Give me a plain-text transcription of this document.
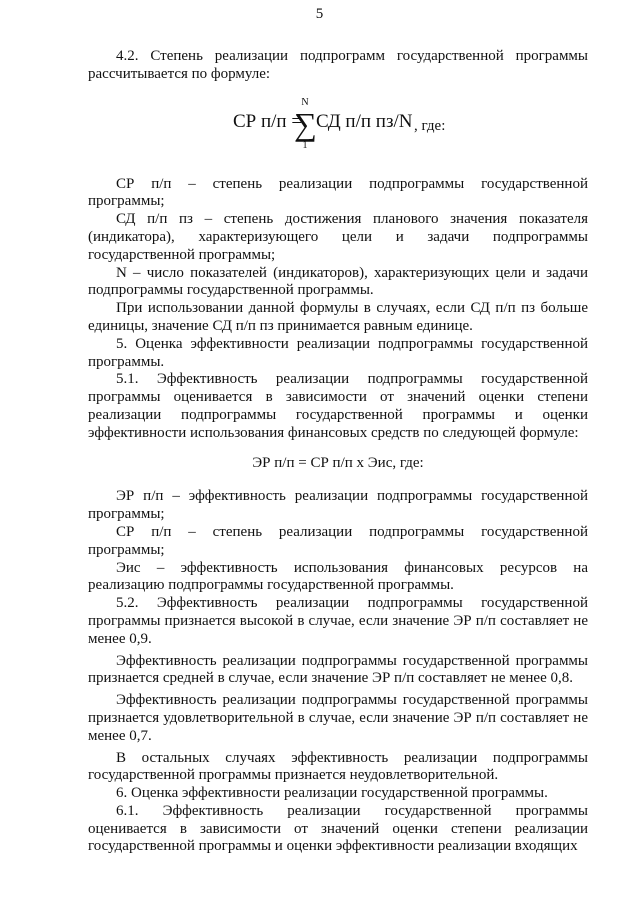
5

4.2. Степень реализации подпрограмм государственной программы рассчитывается по формуле:

СР п/п =
N
∑
1
СД п/п пз/N , где:

СР п/п – степень реализации подпрограммы государственной программы;

СД п/п пз – степень достижения планового значения показателя (индикатора), характеризующего цели и задачи подпрограммы государственной программы;

N – число показателей (индикаторов), характеризующих цели и задачи подпрограммы государственной программы.

При использовании данной формулы в случаях, если СД п/п пз больше единицы, значение СД п/п пз принимается равным единице.

5. Оценка эффективности реализации подпрограммы государственной программы.

5.1. Эффективность реализации подпрограммы государственной программы оценивается в зависимости от значений оценки степени реализации подпрограммы государственной программы и оценки эффективности использования финансовых средств по следующей формуле:

ЭР п/п = СР п/п х Эис, где:

ЭР п/п – эффективность реализации подпрограммы государственной программы;

СР п/п – степень реализации подпрограммы государственной программы;

Эис – эффективность использования финансовых ресурсов на реализацию подпрограммы государственной программы.

5.2. Эффективность реализации подпрограммы государственной программы признается высокой в случае, если значение ЭР п/п составляет не менее 0,9.

Эффективность реализации подпрограммы государственной программы признается средней в случае, если значение ЭР п/п составляет не менее 0,8.

Эффективность реализации подпрограммы государственной программы признается удовлетворительной в случае, если значение ЭР п/п составляет не менее 0,7.

В остальных случаях эффективность реализации подпрограммы государственной программы признается неудовлетворительной.

6. Оценка эффективности реализации государственной программы.

6.1. Эффективность реализации государственной программы оценивается в зависимости от значений оценки степени реализации государственной программы и оценки эффективности реализации входящих
